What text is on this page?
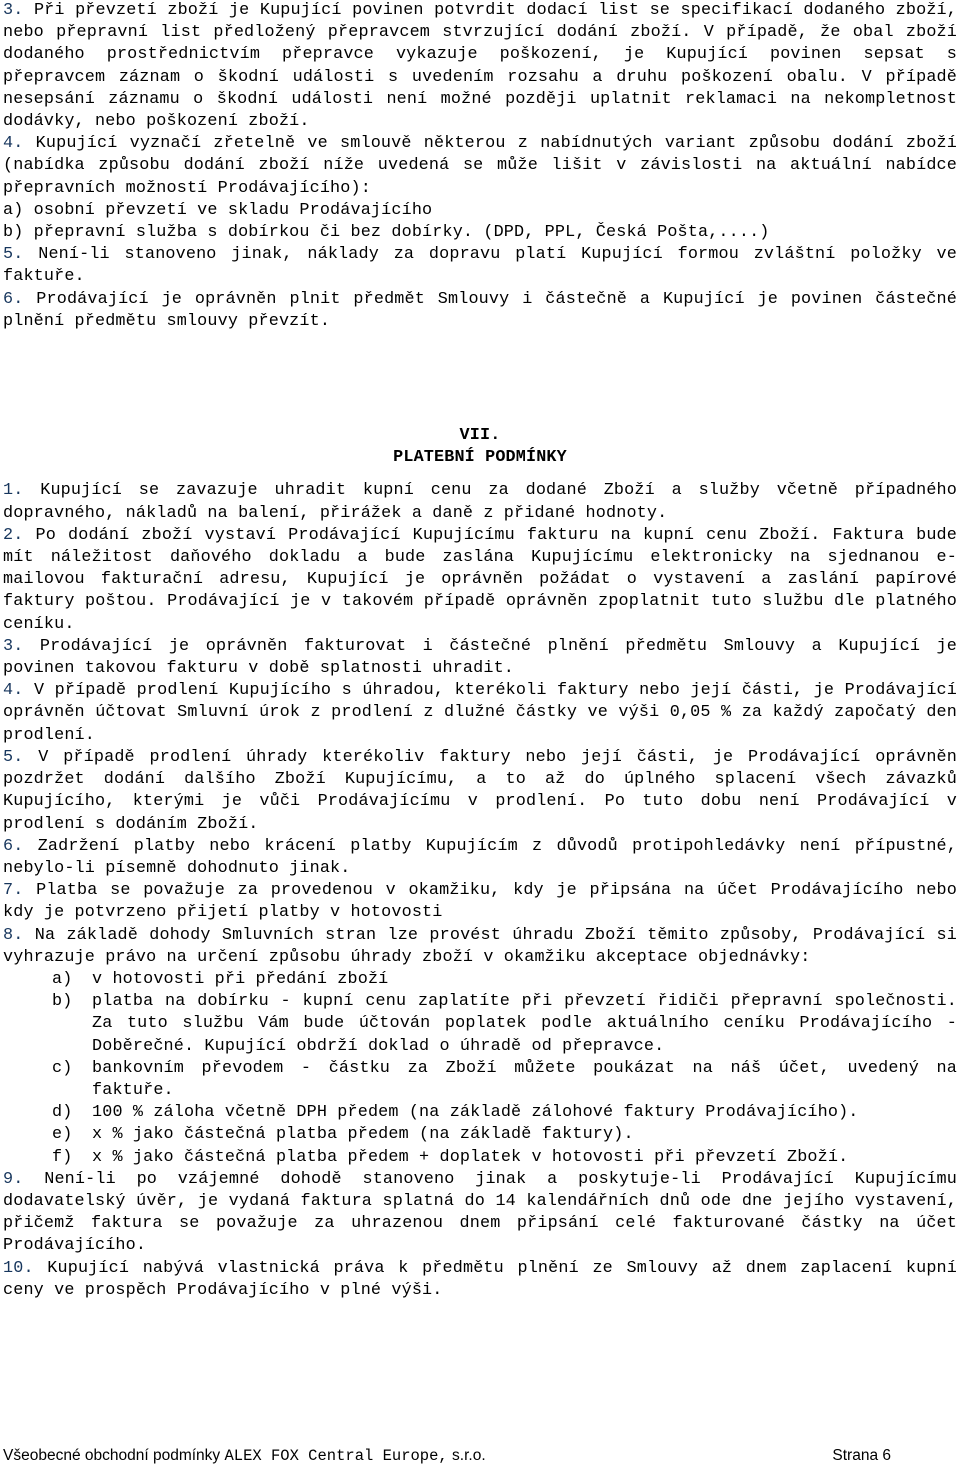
3. Při převzetí zboží je Kupující povinen potvrdit dodací list se specifikací dodaného zboží, nebo přepravní list předložený přepravcem stvrzující dodání zboží. V případě, že obal zboží dodaného prostřednictvím přepravce vykazuje poškození, je Kupující povinen sepsat s přepravcem záznam o škodní události s uvedením rozsahu a druhu poškození obalu. V případě nesepsání záznamu o škodní události není možné později uplatnit reklamaci na nekompletnost dodávky, nebo poškození zboží.

4. Kupující vyznačí zřetelně ve smlouvě některou z nabídnutých variant způsobu dodání zboží (nabídka způsobu dodání zboží níže uvedená se může lišit v závislosti na aktuální nabídce přepravních možností Prodávajícího):

a) osobní převzetí ve skladu Prodávajícího

b) přepravní služba s dobírkou či bez dobírky. (DPD, PPL, Česká Pošta,....)

5. Není-li stanoveno jinak, náklady za dopravu platí Kupující formou zvláštní položky ve faktuře.

6. Prodávající je oprávněn plnit předmět Smlouvy i částečně a Kupující je povinen částečné plnění předmětu smlouvy převzít.

VII.

PLATEBNÍ PODMÍNKY

1. Kupující se zavazuje uhradit kupní cenu za dodané Zboží a služby včetně případného dopravného, nákladů na balení, přirážek a daně z přidané hodnoty.

2. Po dodání zboží vystaví Prodávající Kupujícímu fakturu na kupní cenu Zboží. Faktura bude mít náležitost daňového dokladu a bude zaslána Kupujícímu elektronicky na sjednanou e-mailovou fakturační adresu, Kupující je oprávněn požádat o vystavení a zaslání papírové faktury poštou. Prodávající je v takovém případě oprávněn zpoplatnit tuto službu dle platného ceníku.

3. Prodávající je oprávněn fakturovat i částečné plnění předmětu Smlouvy a Kupující je povinen takovou fakturu v době splatnosti uhradit.

4. V případě prodlení Kupujícího s úhradou, kterékoli faktury nebo její části, je Prodávající oprávněn účtovat Smluvní úrok z prodlení z dlužné částky ve výši 0,05 % za každý započatý den prodlení.

5. V případě prodlení úhrady kterékoliv faktury nebo její části, je Prodávající oprávněn pozdržet dodání dalšího Zboží Kupujícímu, a to až do úplného splacení všech závazků Kupujícího, kterými je vůči Prodávajícímu v prodlení. Po tuto dobu není Prodávající v prodlení s dodáním Zboží.

6. Zadržení platby nebo krácení platby Kupujícím z důvodů protipohledávky není přípustné, nebylo-li písemně dohodnuto jinak.

7. Platba se považuje za provedenou v okamžiku, kdy je připsána na účet Prodávajícího nebo kdy je potvrzeno přijetí platby v hotovosti

8. Na základě dohody Smluvních stran lze provést úhradu Zboží těmito způsoby, Prodávající si vyhrazuje právo na určení způsobu úhrady zboží v okamžiku akceptace objednávky:

a)	v hotovosti při předání zboží
b)	platba na dobírku - kupní cenu zaplatíte při převzetí řidiči přepravní společnosti. Za tuto službu Vám bude účtován poplatek podle aktuálního ceníku Prodávajícího - Doběrečné. Kupující obdrží doklad o úhradě od přepravce.
c)	bankovním převodem - částku za Zboží můžete poukázat na náš účet, uvedený na faktuře.
d)	100 % záloha včetně DPH předem (na základě zálohové faktury Prodávajícího).
e)	x % jako částečná platba předem (na základě faktury).
f)	x % jako částečná platba předem + doplatek v hotovosti při převzetí Zboží.

9. Není-li po vzájemné dohodě stanoveno jinak a poskytuje-li Prodávající Kupujícímu dodavatelský úvěr, je vydaná faktura splatná do 14 kalendářních dnů ode dne jejího vystavení, přičemž faktura se považuje za uhrazenou dnem připsání celé fakturované částky na účet Prodávajícího.

10. Kupující nabývá vlastnická práva k předmětu plnění ze Smlouvy až dnem zaplacení kupní ceny ve prospěch Prodávajícího v plné výši.

Všeobecné obchodní podmínky ALEX FOX Central Europe, s.r.o.	Strana 6
